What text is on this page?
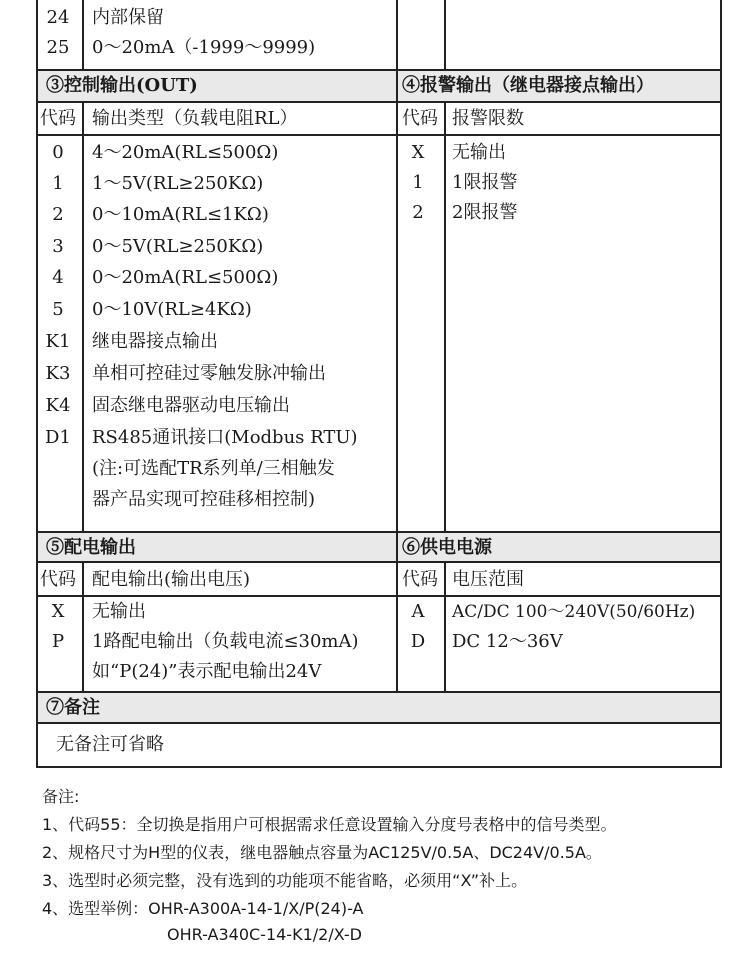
24	内部保留
25	0～20mA（-1999～9999)
③控制输出(OUT)
代码 输出类型（负载电阻RL）
0	4～20mA(RL≤500Ω)
1	1～5V(RL≥250KΩ)
2	0～10mA(RL≤1KΩ)
3	0～5V(RL≥250KΩ)
4	0～20mA(RL≤500Ω)
5	0～10V(RL≥4KΩ)
K1	继电器接点输出
K3	单相可控硅过零触发脉冲输出
K4	固态继电器驱动电压输出
D1	RS485通讯接口(Modbus RTU)
(注:可选配TR系列单/三相触发
器产品实现可控硅移相控制)
④报警输出（继电器接点输出）
代码 报警限数
X	无输出
1	1限报警
2	2限报警
⑤配电输出
代码 配电输出(输出电压)
X	无输出
P	1路配电输出（负载电流≤30mA)
如“P(24)”表示配电输出24V
⑥供电电源
代码 电压范围
A	AC/DC 100～240V(50/60Hz)
D	DC 12～36V
⑦备注
无备注可省略
备注:
1、代码55：全切换是指用户可根据需求任意设置输入分度号表格中的信号类型。
2、规格尺寸为H型的仪表，继电器触点容量为AC125V/0.5A、DC24V/0.5A。
3、选型时必须完整，没有选到的功能项不能省略，必须用“X”补上。
4、选型举例：OHR-A300A-14-1/X/P(24)-A
OHR-A340C-14-K1/2/X-D
